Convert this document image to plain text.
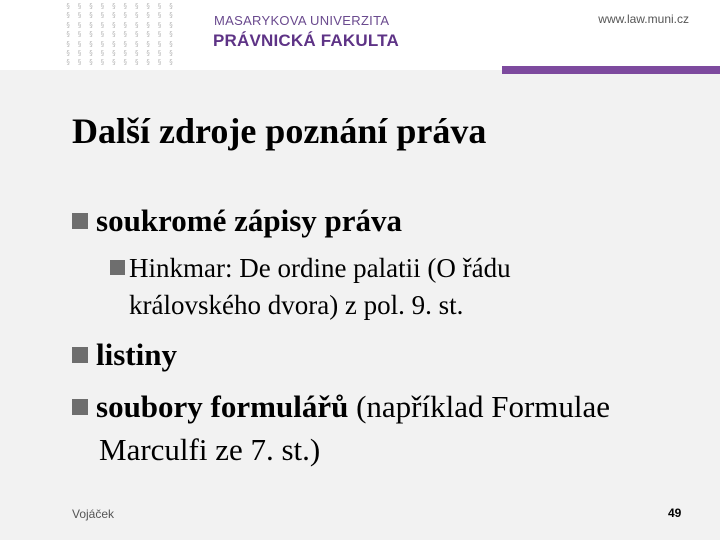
§ § § § § § § § § §
§ § § § § § § § § §
§ § § § § § § § § §
§ § § § § § § § § §
§ § § § § § § § § §
§ § § § § § § § § §
§ § § § § § § § § §
MASARYKOVA UNIVERZITA
PRÁVNICKÁ FAKULTA
www.law.muni.cz
Další zdroje poznání práva

soukromé zápisy práva

Hinkmar: De ordine palatii (O řádu

královského dvora) z pol. 9. st.

listiny

soubory formulářů (například Formulae

Marculfi ze 7. st.)

Vojáček	49
